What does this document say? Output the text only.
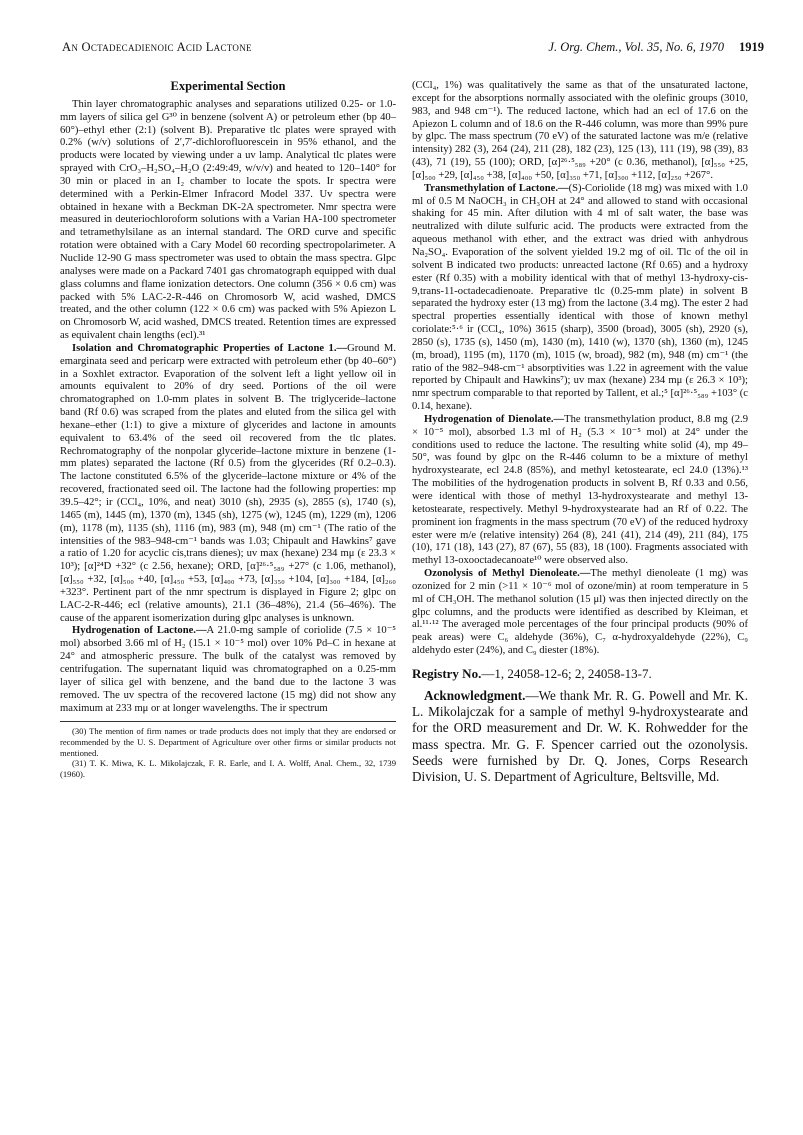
An Octadecadienoic Acid Lactone	J. Org. Chem., Vol. 35, No. 6, 1970 1919
Experimental Section

Thin layer chromatographic analyses and separations utilized 0.25- or 1.0-mm layers of silica gel G³⁰ in benzene (solvent A) or petroleum ether (bp 40–60°)–ethyl ether (2:1) (solvent B). Preparative tlc plates were sprayed with 0.2% (w/v) solutions of 2′,7′-dichlorofluorescein in 95% ethanol, and the products were located by viewing under a uv lamp. Analytical tlc plates were sprayed with CrO₃–H₂SO₄–H₂O (2:49:49, w/v/v) and heated to 120–140° for 30 min or placed in an I₂ chamber to locate the spots. Ir spectra were determined with a Perkin-Elmer Infracord Model 337. Uv spectra were obtained in hexane with a Beckman DK-2A spectrometer. Nmr spectra were measured in deuteriochloroform solutions with a Varian HA-100 spectrometer and tetramethylsilane as an internal standard. The ORD curve and specific rotation were obtained with a Cary Model 60 recording spectropolarimeter. A Nuclide 12-90 G mass spectrometer was used to obtain the mass spectra. Glpc analyses were made on a Packard 7401 gas chromatograph equipped with dual glass columns and flame ionization detectors. One column (356 × 0.6 cm) was packed with 5% LAC-2-R-446 on Chromosorb W, acid washed, DMCS treated, and the other column (122 × 0.6 cm) was packed with 5% Apiezon L on Chromosorb W, acid washed, DMCS treated. Retention times are expressed as equivalent chain lengths (ecl).³¹

Isolation and Chromatographic Properties of Lactone 1.—Ground M. emarginata seed and pericarp were extracted with petroleum ether (bp 40–60°) in a Soxhlet extractor. Evaporation of the solvent left a light yellow oil in amounts equivalent to 20% of dry seed. Portions of the oil were chromatographed on 1.0-mm plates in solvent B. The triglyceride–lactone band (Rf 0.6) was scraped from the plates and eluted from the silica gel with hexane–ether (1:1) to give a mixture of glycerides and lactone in amounts equivalent to 63.4% of the seed oil recovered from the tlc plates. Rechromatography of the nonpolar glyceride–lactone mixture in benzene (1-mm plates) separated the lactone (Rf 0.5) from the glycerides (Rf 0.2–0.3). The lactone constituted 6.5% of the glyceride–lactone mixture or 4% of the recovered, fractionated seed oil. The lactone had the following properties: mp 39.5–42°; ir (CCl₄, 10%, and neat) 3010 (sh), 2935 (s), 2855 (s), 1740 (s), 1465 (m), 1445 (m), 1370 (m), 1345 (sh), 1275 (w), 1245 (m), 1229 (m), 1206 (m), 1178 (m), 1135 (sh), 1116 (m), 983 (m), 948 (m) cm⁻¹ (The ratio of the intensities of the 983–948-cm⁻¹ bands was 1.03; Chipault and Hawkins⁷ gave a ratio of 1.20 for acyclic cis,trans dienes); uv max (hexane) 234 mμ (ε 23.3 × 10³); [α]²⁴D +32° (c 2.56, hexane); ORD, [α]²⁶·⁵₅₈₉ +27° (c 1.06, methanol), [α]₅₅₀ +32, [α]₅₀₀ +40, [α]₄₅₀ +53, [α]₄₀₀ +73, [α]₃₅₀ +104, [α]₃₀₀ +184, [α]₂₆₀ +323°. Pertinent part of the nmr spectrum is displayed in Figure 2; glpc on LAC-2-R-446; ecl (relative amounts), 21.1 (36–48%), 21.4 (56–46%). The cause of the apparent isomerization during glpc analyses is unknown.

Hydrogenation of Lactone.—A 21.0-mg sample of coriolide (7.5 × 10⁻⁵ mol) absorbed 3.66 ml of H₂ (15.1 × 10⁻⁵ mol) over 10% Pd–C in hexane at 24° and atmospheric pressure. The bulk of the catalyst was removed by centrifugation. The supernatant liquid was chromatographed on a 0.25-mm layer of silica gel with benzene, and the band due to the lactone 3 was removed. The uv spectra of the recovered lactone (15 mg) did not show any maximum at 233 mμ or at longer wavelengths. The ir spectrum

(30) The mention of firm names or trade products does not imply that they are endorsed or recommended by the U. S. Department of Agriculture over other firms or similar products not mentioned.

(31) T. K. Miwa, K. L. Mikolajczak, F. R. Earle, and I. A. Wolff, Anal. Chem., 32, 1739 (1960).

(CCl₄, 1%) was qualitatively the same as that of the unsaturated lactone, except for the absorptions normally associated with the olefinic groups (3010, 983, and 948 cm⁻¹). The reduced lactone, which had an ecl of 17.6 on the Apiezon L column and of 18.6 on the R-446 column, was more than 99% pure by glpc. The mass spectrum (70 eV) of the saturated lactone was m/e (relative intensity) 282 (3), 264 (24), 211 (28), 182 (23), 125 (13), 111 (19), 98 (39), 83 (43), 71 (19), 55 (100); ORD, [α]²⁶·⁵₅₈₉ +20° (c 0.36, methanol), [α]₅₅₀ +25, [α]₅₀₀ +29, [α]₄₅₀ +38, [α]₄₀₀ +50, [α]₃₅₀ +71, [α]₃₀₀ +112, [α]₂₅₀ +267°.

Transmethylation of Lactone.—(S)-Coriolide (18 mg) was mixed with 1.0 ml of 0.5 M NaOCH₃ in CH₃OH at 24° and allowed to stand with occasional shaking for 45 min. After dilution with 4 ml of salt water, the base was neutralized with dilute sulfuric acid. The products were extracted from the aqueous methanol with ether, and the extract was dried with anhydrous Na₂SO₄. Evaporation of the solvent yielded 19.2 mg of oil. Tlc of the oil in solvent B indicated two products: unreacted lactone (Rf 0.65) and a hydroxy ester (Rf 0.35) with a mobility identical with that of methyl 13-hydroxy-cis-9,trans-11-octadecadienoate. Preparative tlc (0.25-mm plate) in solvent B separated the hydroxy ester (13 mg) from the lactone (3.4 mg). The ester 2 had spectral properties essentially identical with those of known methyl coriolate:⁵·⁶ ir (CCl₄, 10%) 3615 (sharp), 3500 (broad), 3005 (sh), 2920 (s), 2850 (s), 1735 (s), 1450 (m), 1430 (m), 1410 (w), 1370 (sh), 1360 (m), 1245 (m, broad), 1195 (m), 1170 (m), 1015 (w, broad), 982 (m), 948 (m) cm⁻¹ (the ratio of the 982–948-cm⁻¹ absorptivities was 1.22 in agreement with the value reported by Chipault and Hawkins⁷); uv max (hexane) 234 mμ (ε 26.3 × 10³); nmr spectrum comparable to that reported by Tallent, et al.;⁵ [α]²⁶·⁵₅₈₉ +103° (c 0.14, hexane).

Hydrogenation of Dienolate.—The transmethylation product, 8.8 mg (2.9 × 10⁻⁵ mol), absorbed 1.3 ml of H₂ (5.3 × 10⁻⁵ mol) at 24° under the conditions used to reduce the lactone. The resulting white solid (4), mp 49–50°, was found by glpc on the R-446 column to be a mixture of methyl hydroxystearate, ecl 24.8 (85%), and methyl ketostearate, ecl 24.0 (13%).¹³ The mobilities of the hydrogenation products in solvent B, Rf 0.33 and 0.56, were identical with those of methyl 13-hydroxystearate and methyl 13-ketostearate, respectively. Methyl 9-hydroxystearate had an Rf of 0.22. The prominent ion fragments in the mass spectrum (70 eV) of the reduced hydroxy ester were m/e (relative intensity) 264 (8), 241 (41), 214 (49), 211 (84), 175 (10), 171 (18), 143 (27), 87 (67), 55 (83), 18 (100). Fragments associated with methyl 13-oxooctadecanoate¹⁰ were observed also.

Ozonolysis of Methyl Dienoleate.—The methyl dienoleate (1 mg) was ozonized for 2 min (>11 × 10⁻⁶ mol of ozone/min) at room temperature in 5 ml of CH₃OH. The methanol solution (15 μl) was then injected directly on the glpc columns, and the products were identified as described by Kleiman, et al.¹¹·¹² The averaged mole percentages of the four principal products (90% of peak areas) were C₆ aldehyde (36%), C₇ α-hydroxyaldehyde (22%), C₉ aldehydo ester (24%), and C₉ diester (18%).

Registry No.—1, 24058-12-6; 2, 24058-13-7.

Acknowledgment.—We thank Mr. R. G. Powell and Mr. K. L. Mikolajczak for a sample of methyl 9-hydroxystearate and for the ORD measurement and Dr. W. K. Rohwedder for the mass spectra. Mr. G. F. Spencer carried out the ozonolysis. Seeds were furnished by Dr. Q. Jones, Corps Research Division, U. S. Department of Agriculture, Beltsville, Md.
